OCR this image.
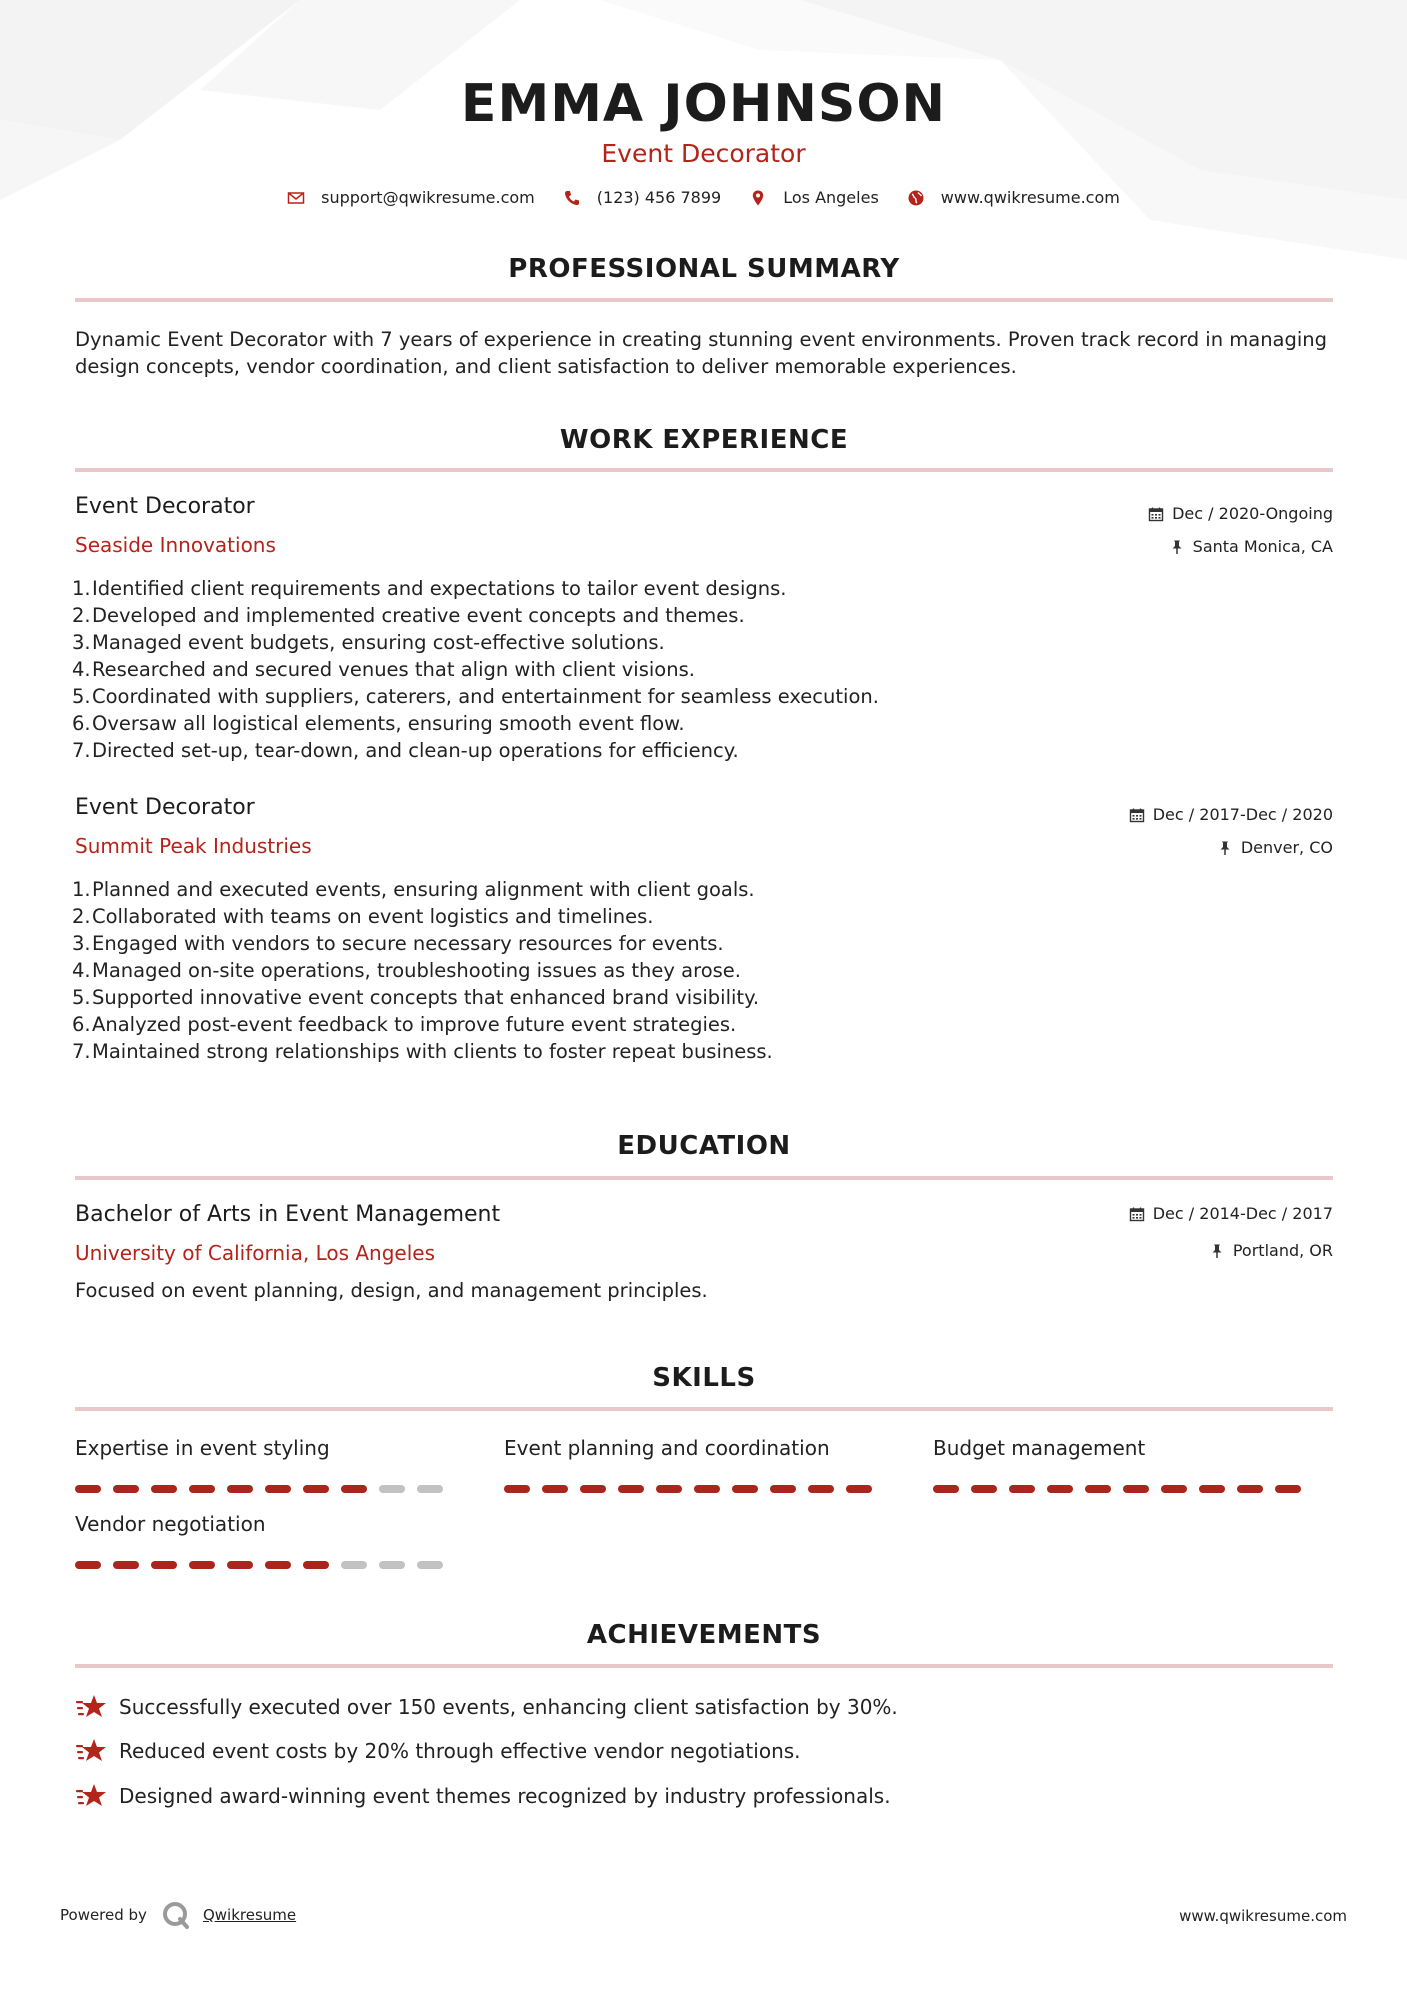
EMMA JOHNSON
Event Decorator
support@qwikresume.com	(123) 456 7899	Los Angeles	www.qwikresume.com
PROFESSIONAL SUMMARY
Dynamic Event Decorator with 7 years of experience in creating stunning event environments. Proven track record in managing design concepts, vendor coordination, and client satisfaction to deliver memorable experiences.
WORK EXPERIENCE
Event Decorator	Dec / 2020-Ongoing
Seaside Innovations	Santa Monica, CA
1. Identified client requirements and expectations to tailor event designs.
2. Developed and implemented creative event concepts and themes.
3. Managed event budgets, ensuring cost-effective solutions.
4. Researched and secured venues that align with client visions.
5. Coordinated with suppliers, caterers, and entertainment for seamless execution.
6. Oversaw all logistical elements, ensuring smooth event flow.
7. Directed set-up, tear-down, and clean-up operations for efficiency.
Event Decorator	Dec / 2017-Dec / 2020
Summit Peak Industries	Denver, CO
1. Planned and executed events, ensuring alignment with client goals.
2. Collaborated with teams on event logistics and timelines.
3. Engaged with vendors to secure necessary resources for events.
4. Managed on-site operations, troubleshooting issues as they arose.
5. Supported innovative event concepts that enhanced brand visibility.
6. Analyzed post-event feedback to improve future event strategies.
7. Maintained strong relationships with clients to foster repeat business.
EDUCATION
Bachelor of Arts in Event Management	Dec / 2014-Dec / 2017
University of California, Los Angeles	Portland, OR
Focused on event planning, design, and management principles.
SKILLS
Expertise in event styling	Event planning and coordination	Budget management
Vendor negotiation
ACHIEVEMENTS
Successfully executed over 150 events, enhancing client satisfaction by 30%.
Reduced event costs by 20% through effective vendor negotiations.
Designed award-winning event themes recognized by industry professionals.
Powered by	Qwikresume	www.qwikresume.com
